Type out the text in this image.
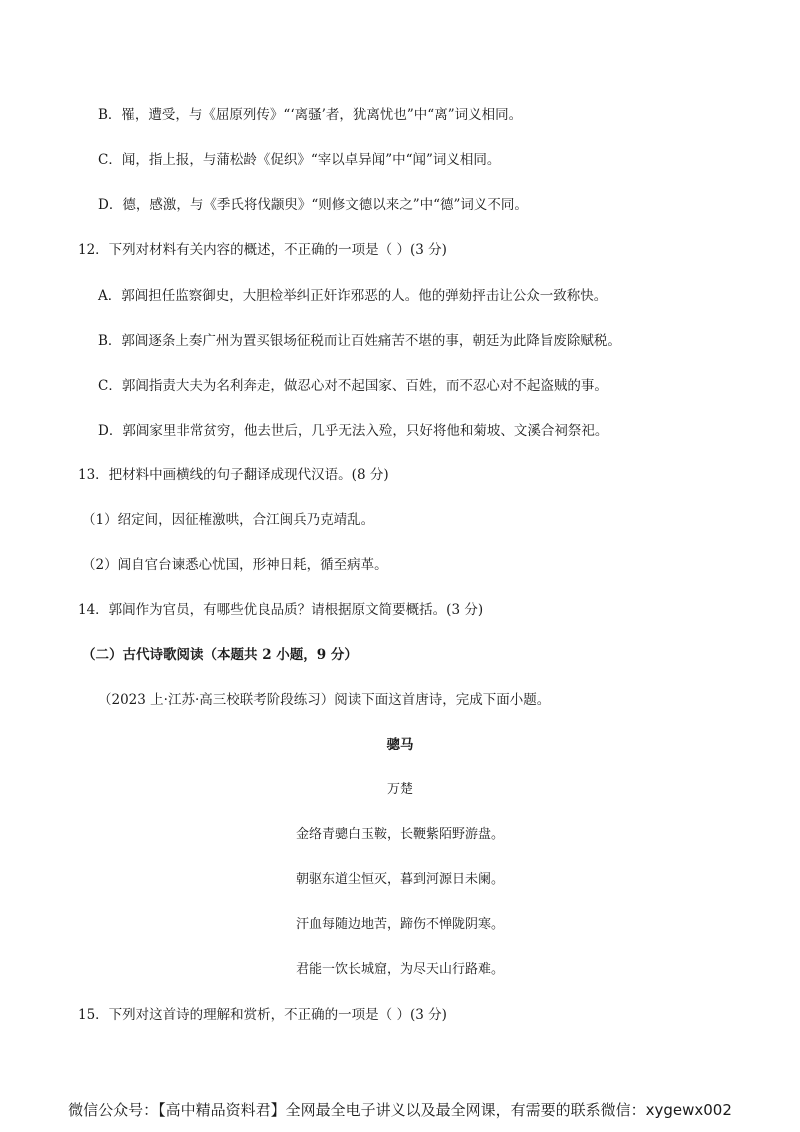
B．罹，遭受，与《屈原列传》“‘离骚’者，犹离忧也”中“离”词义相同。
C．闻，指上报，与蒲松龄《促织》“宰以卓异闻”中“闻”词义相同。
D．德，感激，与《季氏将伐颛臾》“则修文德以来之”中“德”词义不同。
12．下列对材料有关内容的概述，不正确的一项是（ ）(3 分)
A．郭阊担任监察御史，大胆检举纠正奸诈邪恶的人。他的弹劾抨击让公众一致称快。
B．郭阊逐条上奏广州为置买银场征税而让百姓痛苦不堪的事，朝廷为此降旨废除赋税。
C．郭阊指责大夫为名利奔走，做忍心对不起国家、百姓，而不忍心对不起盗贼的事。
D．郭阊家里非常贫穷，他去世后，几乎无法入殓，只好将他和菊坡、文溪合祠祭祀。
13．把材料中画横线的句子翻译成现代汉语。(8 分)
（1）绍定间，因征榷激哄，合江闽兵乃克靖乱。
（2）阊自官台谏悉心忧国，形神日耗，循至病革。
14．郭阊作为官员，有哪些优良品质？请根据原文简要概括。(3 分)
（二）古代诗歌阅读（本题共 2 小题，9 分）
（2023 上·江苏·高三校联考阶段练习）阅读下面这首唐诗，完成下面小题。
骢马
万楚
金络青骢白玉鞍，长鞭紫陌野游盘。
朝驱东道尘恒灭，暮到河源日未阑。
汗血每随边地苦，蹄伤不惮陇阴寒。
君能一饮长城窟，为尽天山行路难。
15．下列对这首诗的理解和赏析，不正确的一项是（ ）(3 分)
微信公众号：【高中精品资料君】全网最全电子讲义以及最全网课，有需要的联系微信：xygewx002
